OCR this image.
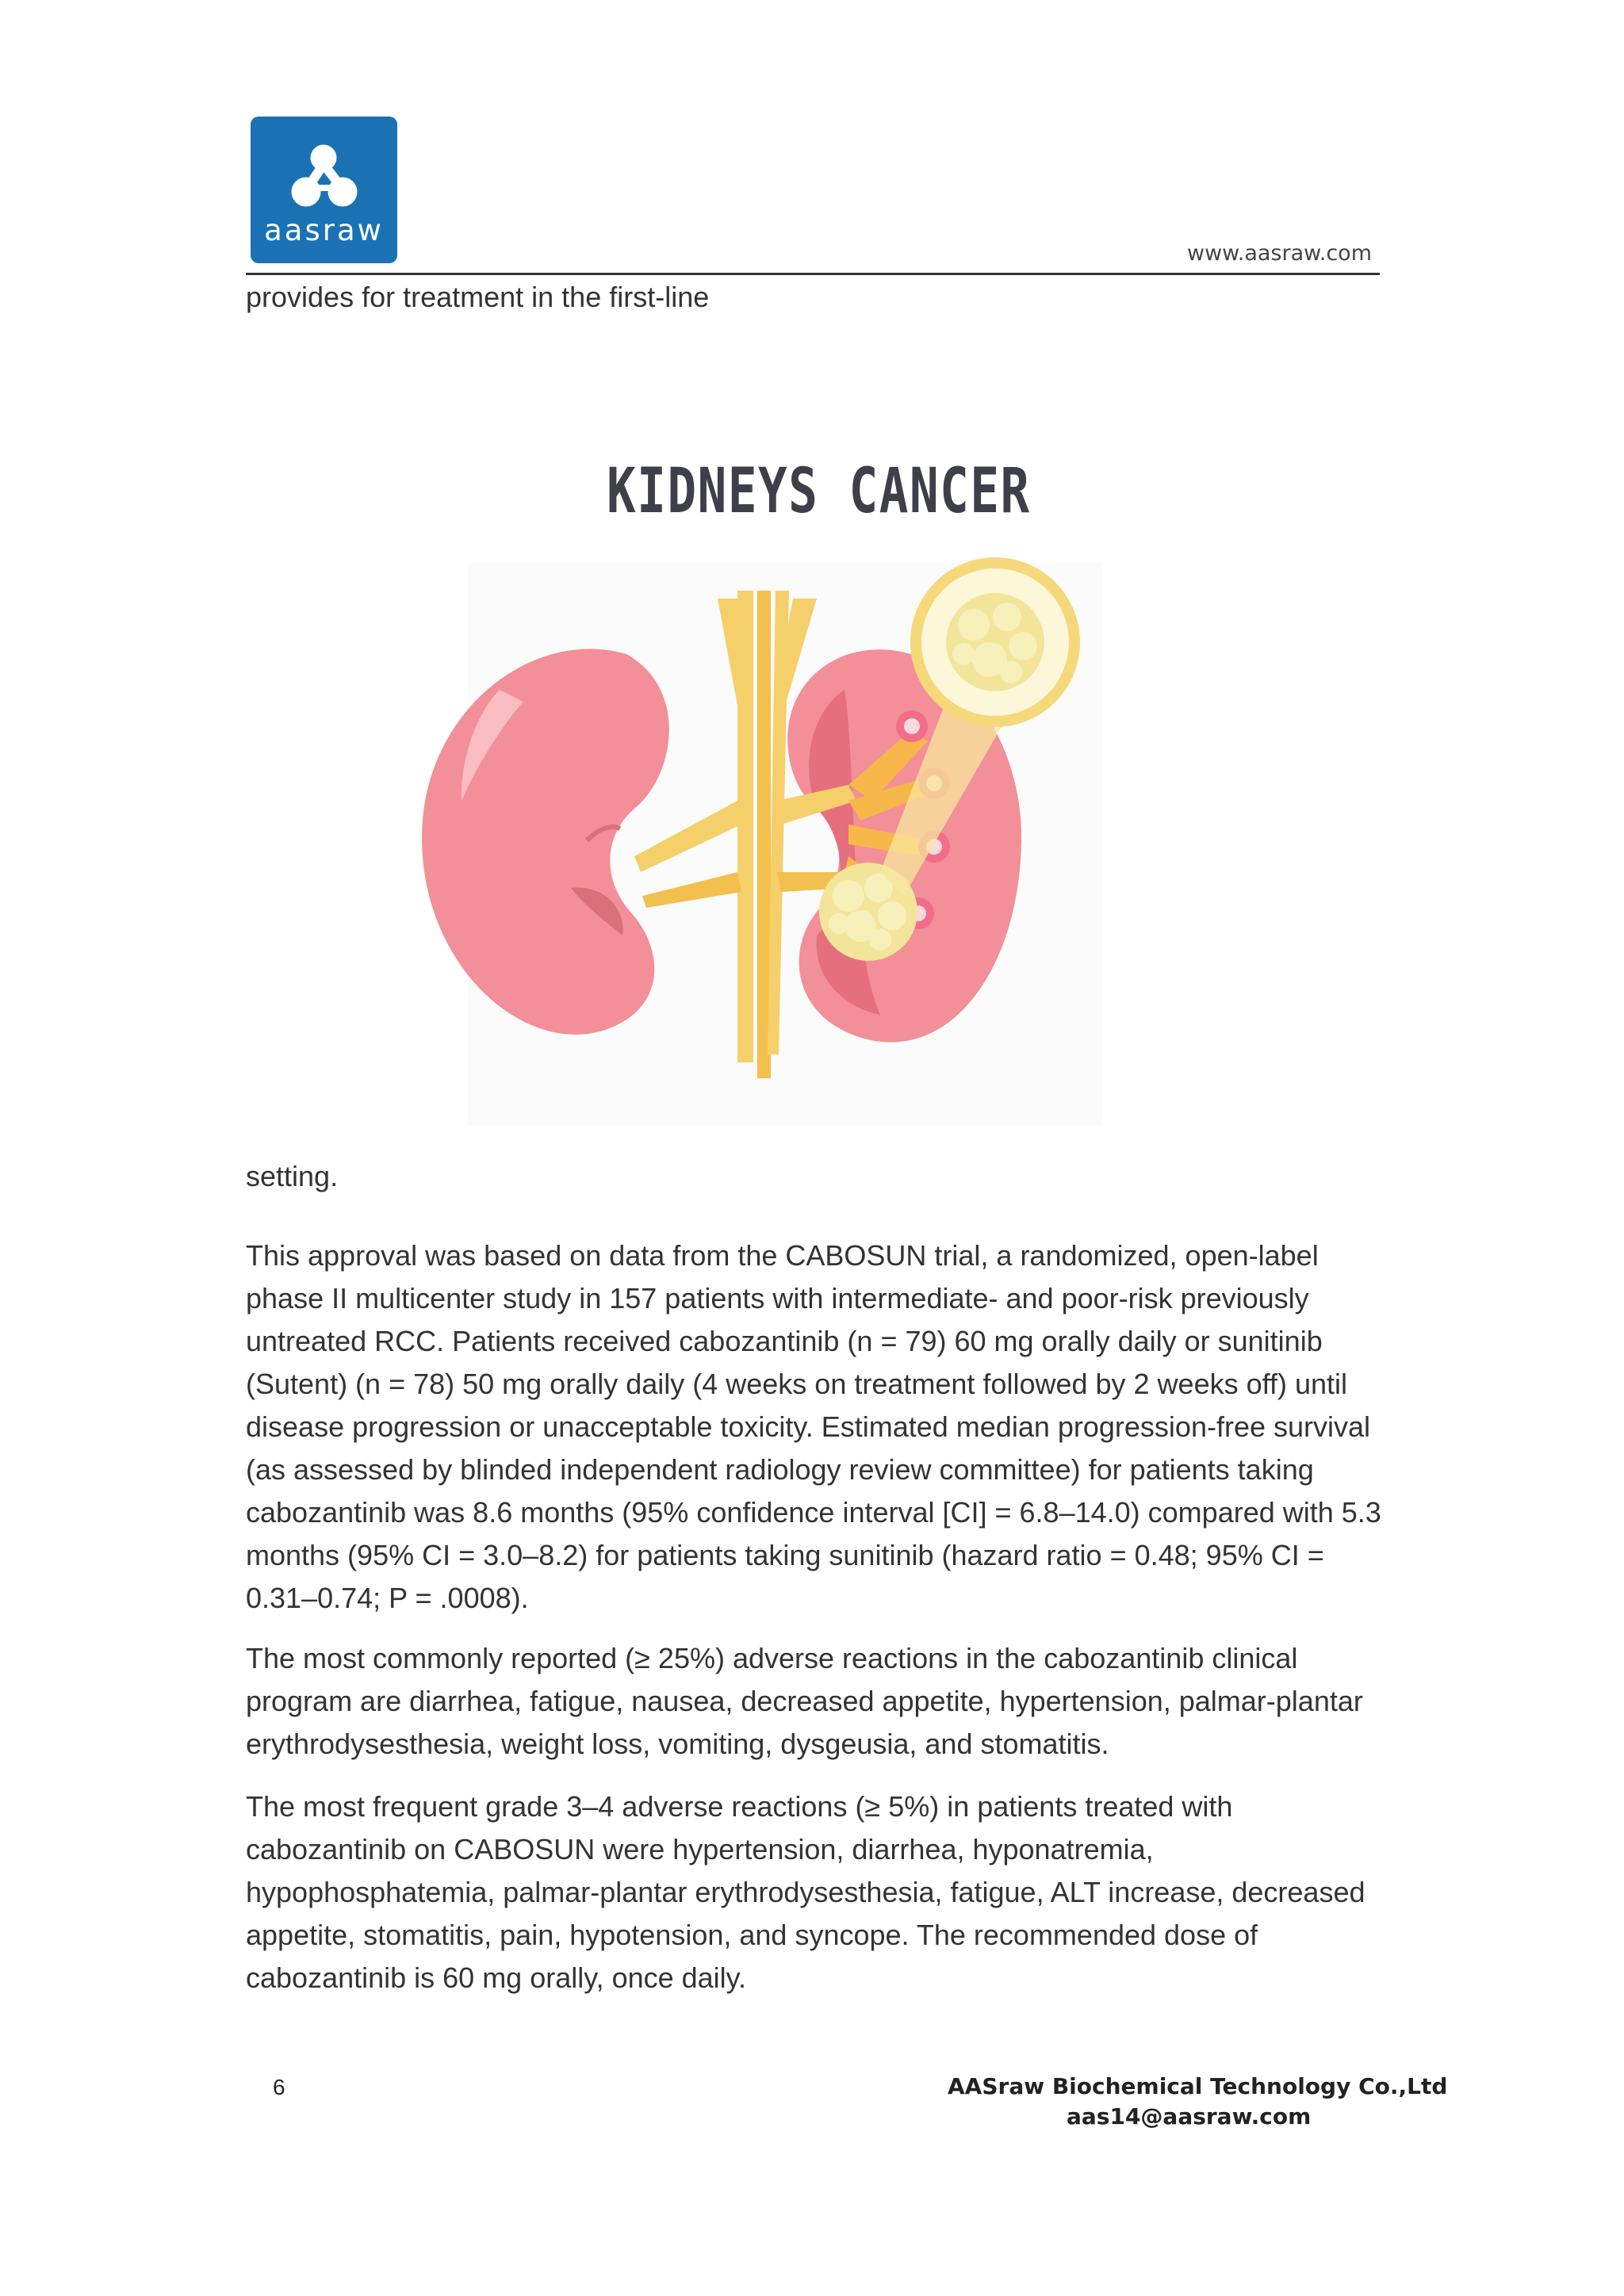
aasraw
www.aasraw.com
provides for treatment in the first-line
KIDNEYS CANCER
setting.
This approval was based on data from the CABOSUN trial, a randomized, open-label
phase II multicenter study in 157 patients with intermediate- and poor-risk previously
untreated RCC. Patients received cabozantinib (n = 79) 60 mg orally daily or sunitinib
(Sutent) (n = 78) 50 mg orally daily (4 weeks on treatment followed by 2 weeks off) until
disease progression or unacceptable toxicity. Estimated median progression-free survival
(as assessed by blinded independent radiology review committee) for patients taking
cabozantinib was 8.6 months (95% confidence interval [CI] = 6.8–14.0) compared with 5.3
months (95% CI = 3.0–8.2) for patients taking sunitinib (hazard ratio = 0.48; 95% CI =
0.31–0.74; P = .0008).
The most commonly reported (≥ 25%) adverse reactions in the cabozantinib clinical
program are diarrhea, fatigue, nausea, decreased appetite, hypertension, palmar-plantar
erythrodysesthesia, weight loss, vomiting, dysgeusia, and stomatitis.
The most frequent grade 3–4 adverse reactions (≥ 5%) in patients treated with
cabozantinib on CABOSUN were hypertension, diarrhea, hyponatremia,
hypophosphatemia, palmar-plantar erythrodysesthesia, fatigue, ALT increase, decreased
appetite, stomatitis, pain, hypotension, and syncope. The recommended dose of
cabozantinib is 60 mg orally, once daily.
6	AASraw Biochemical Technology Co.,Ltd
aas14@aasraw.com
